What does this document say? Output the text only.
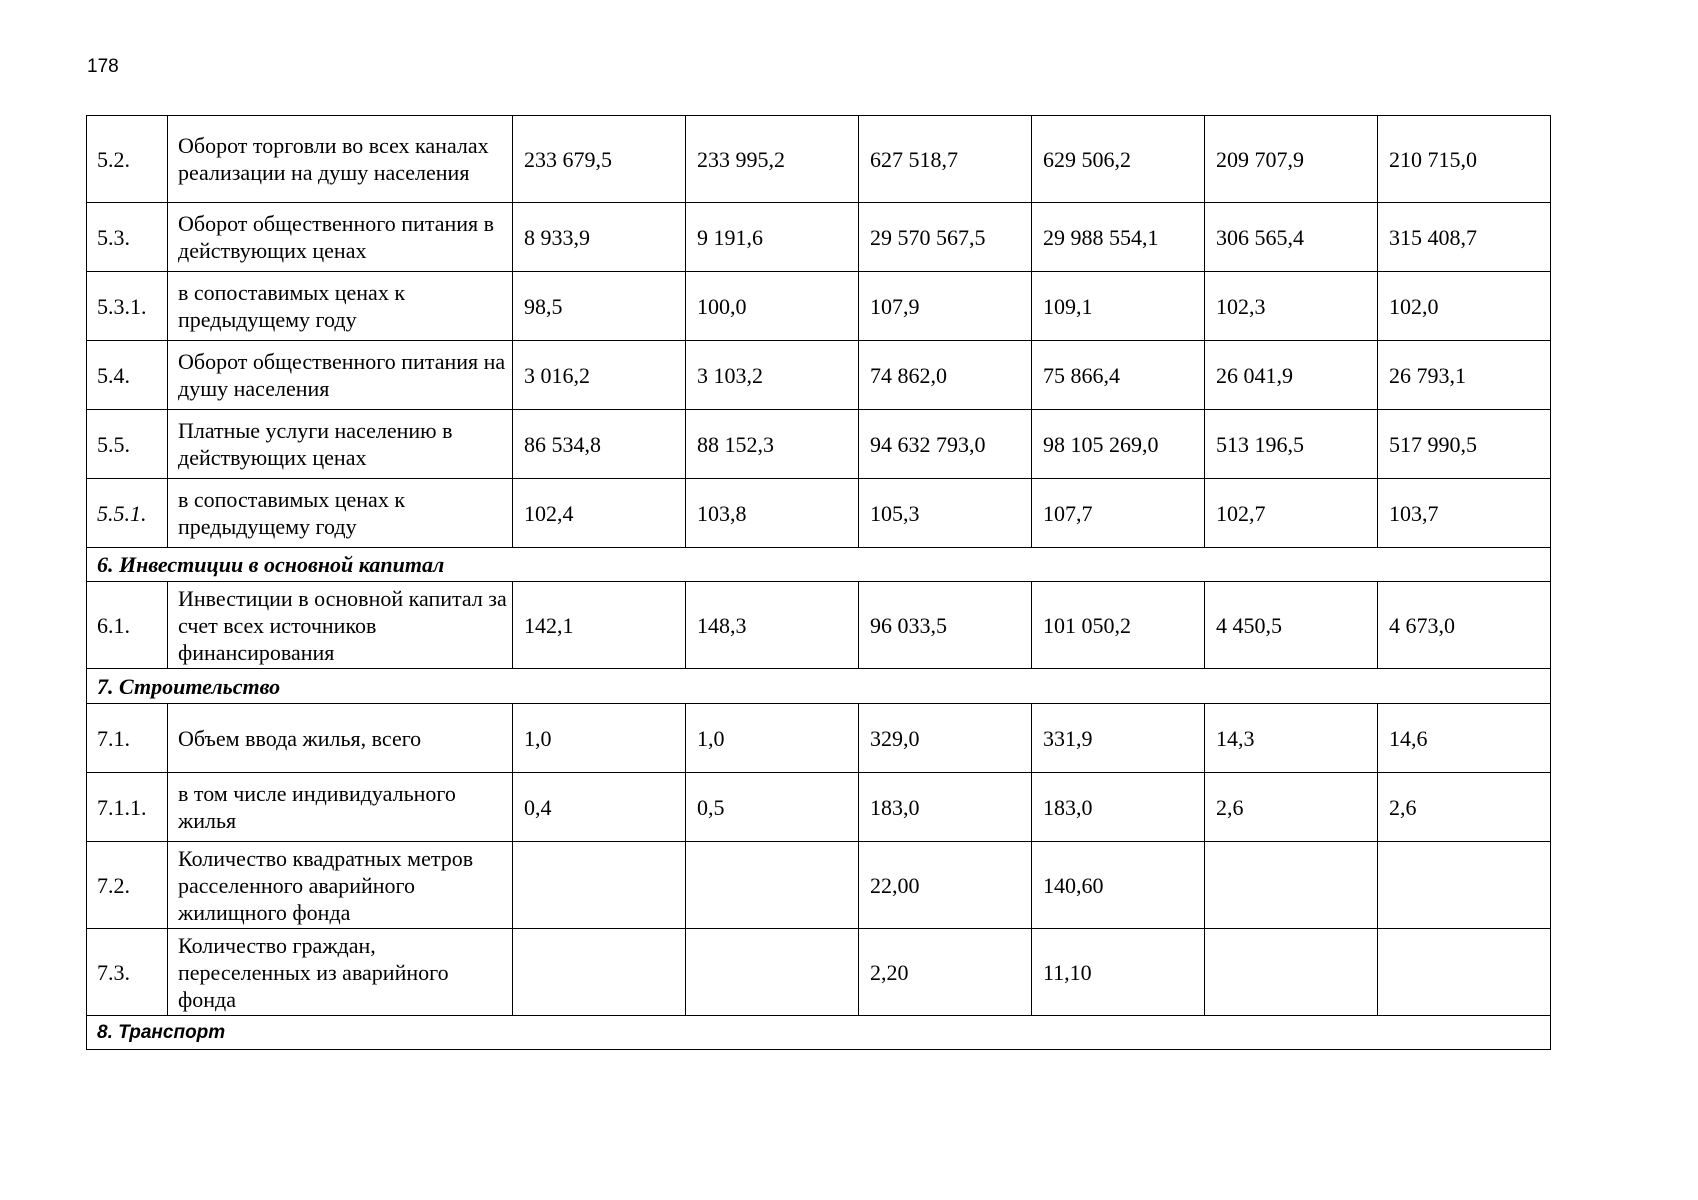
178
5.2.	Оборот торговли во всех каналах реализации на душу населения	233 679,5	233 995,2	627 518,7	629 506,2	209 707,9	210 715,0
5.3.	Оборот общественного питания в действующих ценах	8 933,9	9 191,6	29 570 567,5	29 988 554,1	306 565,4	315 408,7
5.3.1.	в сопоставимых ценах к предыдущему году	98,5	100,0	107,9	109,1	102,3	102,0
5.4.	Оборот общественного питания на душу населения	3 016,2	3 103,2	74 862,0	75 866,4	26 041,9	26 793,1
5.5.	Платные услуги населению в действующих ценах	86 534,8	88 152,3	94 632 793,0	98 105 269,0	513 196,5	517 990,5
5.5.1.	в сопоставимых ценах к предыдущему году	102,4	103,8	105,3	107,7	102,7	103,7
6. Инвестиции в основной капитал							
6.1.	Инвестиции в основной капитал за счет всех источников финансирования	142,1	148,3	96 033,5	101 050,2	4 450,5	4 673,0
7. Строительство							
7.1.	Объем ввода жилья, всего	1,0	1,0	329,0	331,9	14,3	14,6
7.1.1.	в том числе индивидуального жилья	0,4	0,5	183,0	183,0	2,6	2,6
7.2.	Количество квадратных метров расселенного аварийного жилищного фонда			22,00	140,60		
7.3.	Количество граждан, переселенных из аварийного фонда			2,20	11,10		
8. Транспорт							
